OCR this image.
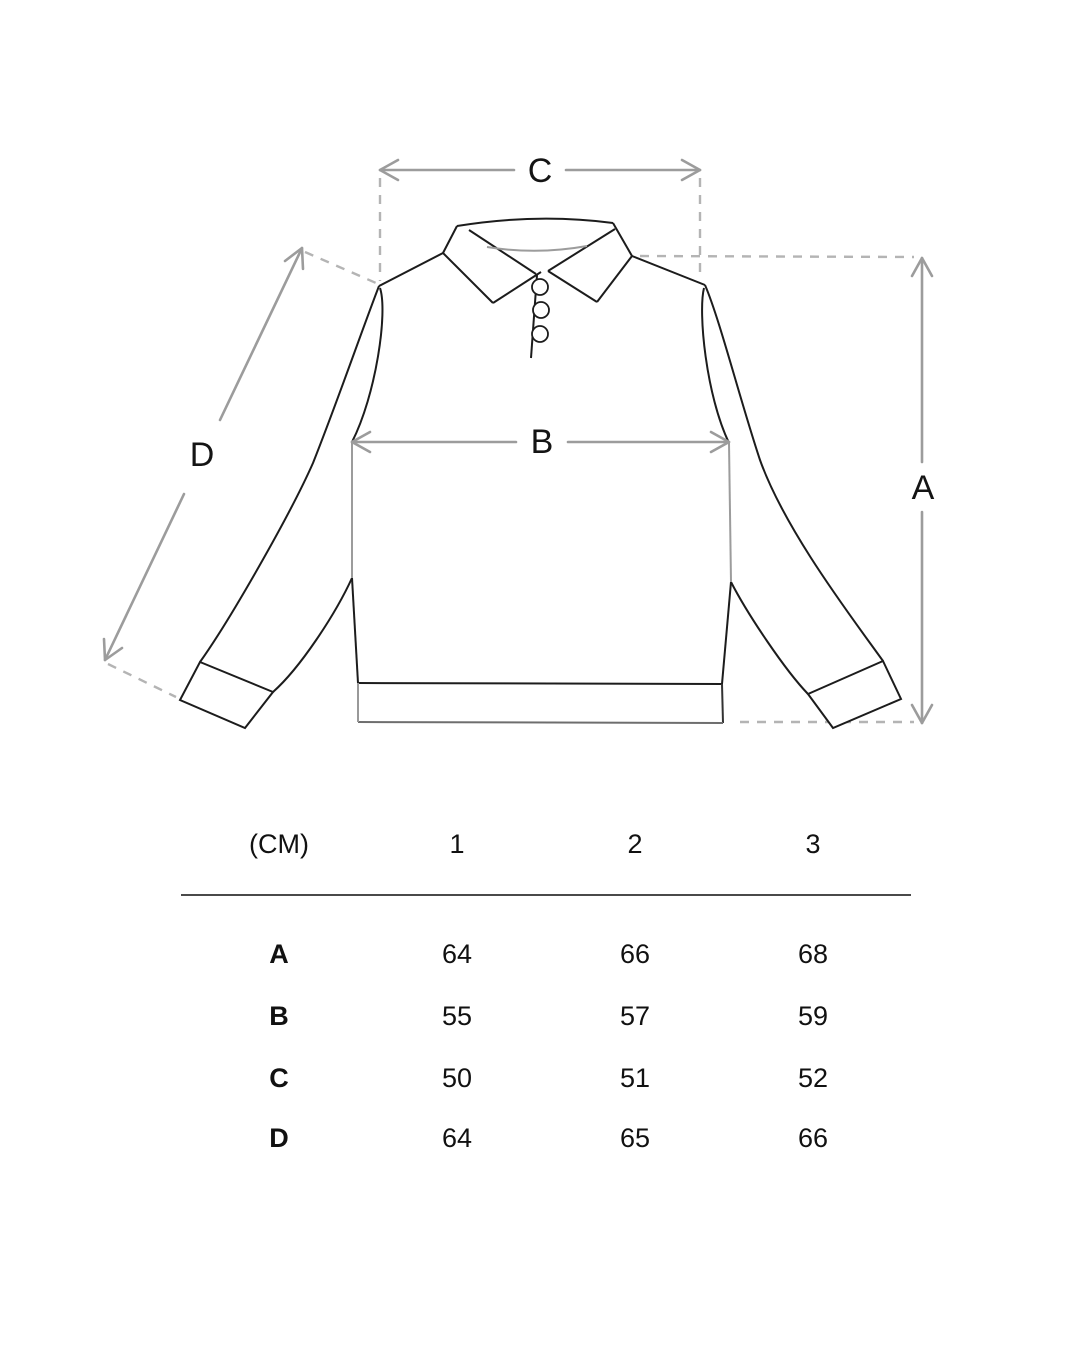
C
B
A
D
(CM)	1	2	3
A	64	66	68
B	55	57	59
C	50	51	52
D	64	65	66
